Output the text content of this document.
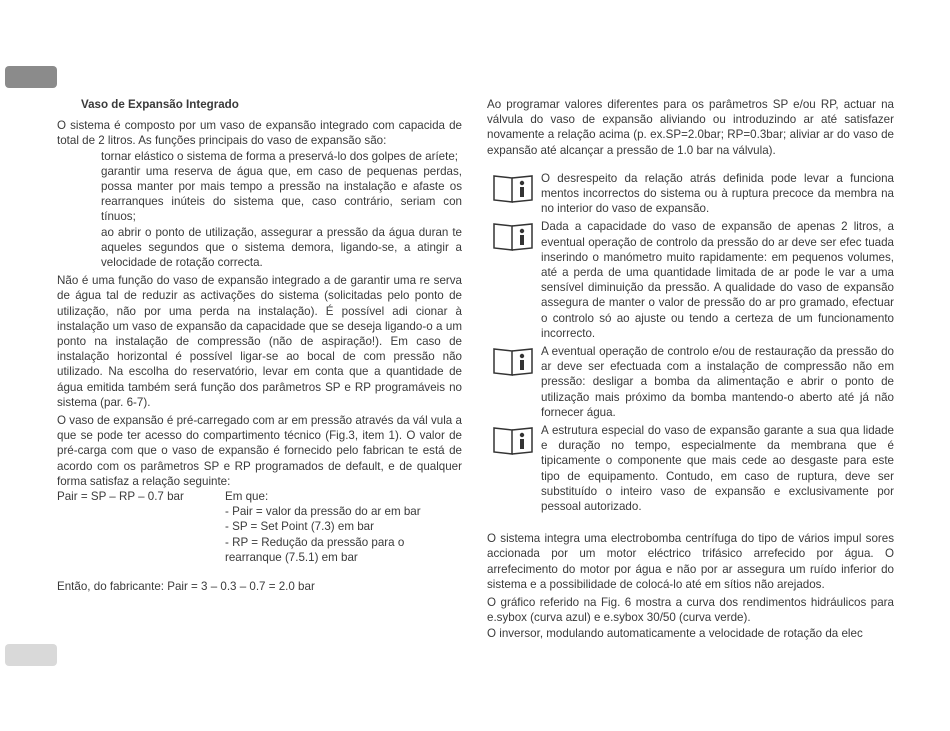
Vaso de Expansão Integrado

O sistema é composto por um vaso de expansão integrado com capacida de total de 2 litros. As funções principais do vaso de expansão são:

tornar elástico o sistema de forma a preservá-lo dos golpes de aríete;

garantir uma reserva de água que, em caso de pequenas perdas, possa manter por mais tempo a pressão na instalação e afaste os rearranques inúteis do sistema que, caso contrário, seriam con tínuos;

ao abrir o ponto de utilização, assegurar a pressão da água duran te aqueles segundos que o sistema demora, ligando-se, a atingir a velocidade de rotação correcta.

Não é uma função do vaso de expansão integrado a de garantir uma re serva de água tal de reduzir as activações do sistema (solicitadas pelo ponto de utilização, não por uma perda na instalação). É possível adi cionar à instalação um vaso de expansão da capacidade que se deseja ligando-o a um ponto na instalação de compressão (não de aspiração!). Em caso de instalação horizontal é possível ligar-se ao bocal de com pressão não utilizado. Na escolha do reservatório, levar em conta que a quantidade de água emitida também será função dos parâmetros SP e RP programáveis no sistema (par. 6-7).

O vaso de expansão é pré-carregado com ar em pressão através da vál vula a que se pode ter acesso do compartimento técnico (Fig.3, item 1). O valor de pré-carga com que o vaso de expansão é fornecido pelo fabrican te está de acordo com os parâmetros SP e RP programados de default, e de qualquer forma satisfaz a relação seguinte:

Pair = SP – RP – 0.7 bar	Em que:
- Pair = valor da pressão do ar em bar
- SP = Set Point (7.3) em bar
- RP = Redução da pressão para o rearranque (7.5.1) em bar

Então, do fabricante: Pair = 3 – 0.3 – 0.7 = 2.0 bar

Ao programar valores diferentes para os parâmetros SP e/ou RP, actuar na válvula do vaso de expansão aliviando ou introduzindo ar até satisfazer novamente a relação acima (p. ex.SP=2.0bar; RP=0.3bar; aliviar ar do vaso de expansão até alcançar a pressão de 1.0 bar na válvula).

O desrespeito da relação atrás definida pode levar a funciona mentos incorrectos do sistema ou à ruptura precoce da membra na no interior do vaso de expansão.

Dada a capacidade do vaso de expansão de apenas 2 litros, a eventual operação de controlo da pressão do ar deve ser efec tuada inserindo o manómetro muito rapidamente: em pequenos volumes, até a perda de uma quantidade limitada de ar pode le var a uma sensível diminuição da pressão. A qualidade do vaso de expansão assegura de manter o valor de pressão do ar pro gramado, efectuar o controlo só ao ajuste ou tendo a certeza de um funcionamento incorrecto.

A eventual operação de controlo e/ou de restauração da pressão do ar deve ser efectuada com a instalação de compressão não em pressão: desligar a bomba da alimentação e abrir o ponto de utilização mais próximo da bomba mantendo-o aberto até já não fornecer água.

A estrutura especial do vaso de expansão garante a sua qua lidade e duração no tempo, especialmente da membrana que é tipicamente o componente que mais cede ao desgaste para este tipo de equipamento. Contudo, em caso de ruptura, deve ser substituído o inteiro vaso de expansão e exclusivamente por pessoal autorizado.

O sistema integra uma electrobomba centrífuga do tipo de vários impul sores accionada por um motor eléctrico trifásico arrefecido por água. O arrefecimento do motor por água e não por ar assegura um ruído inferior do sistema e a possibilidade de colocá-lo até em sítios não arejados.

O gráfico referido na Fig. 6 mostra a curva dos rendimentos hidráulicos para e.sybox (curva azul) e e.sybox 30/50 (curva verde).

O inversor, modulando automaticamente a velocidade de rotação da elec
